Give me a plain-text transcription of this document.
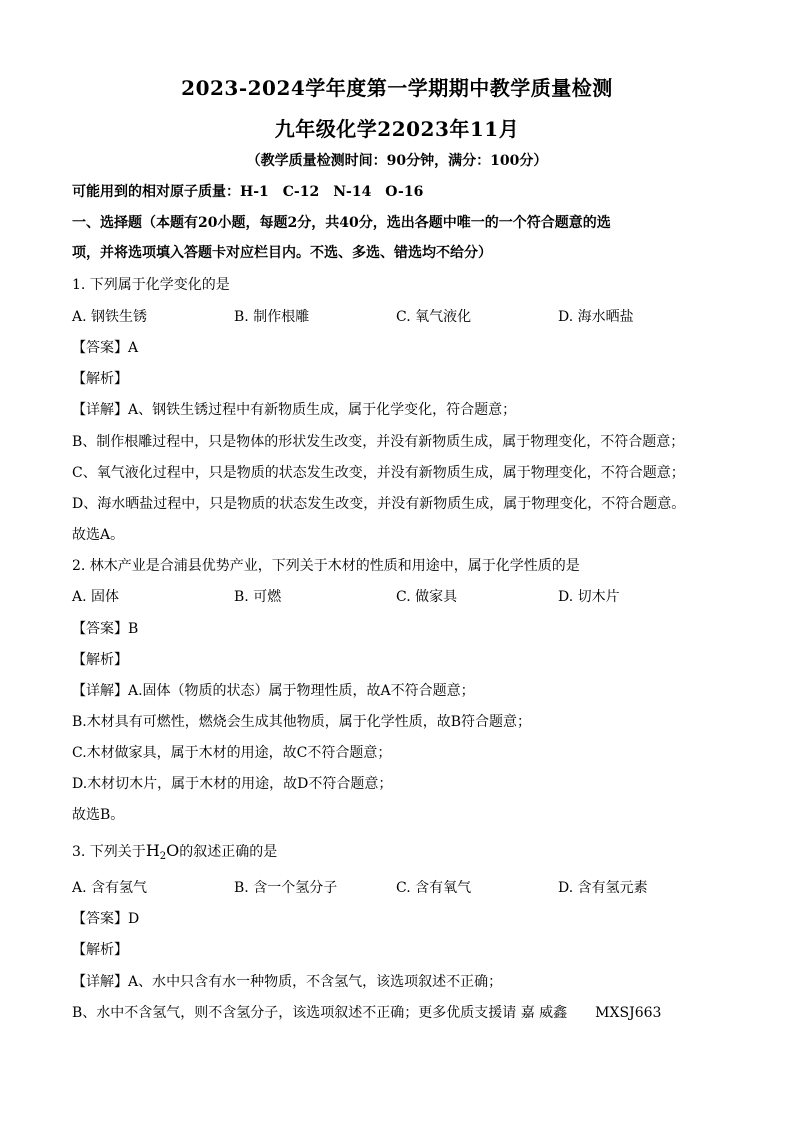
2023-2024学年度第一学期期中教学质量检测
九年级化学22023年11月
（教学质量检测时间：90分钟，满分：100分）
可能用到的相对原子质量：H-1　C-12　N-14　O-16
一、选择题（本题有20小题，每题2分，共40分，选出各题中唯一的一个符合题意的选
项，并将选项填入答题卡对应栏目内。不选、多选、错选均不给分）
1. 下列属于化学变化的是
A. 钢铁生锈	B. 制作根雕	C. 氧气液化	D. 海水晒盐
【答案】A
【解析】
【详解】A、钢铁生锈过程中有新物质生成，属于化学变化，符合题意；
B、制作根雕过程中，只是物体的形状发生改变，并没有新物质生成，属于物理变化，不符合题意；
C、氧气液化过程中，只是物质的状态发生改变，并没有新物质生成，属于物理变化，不符合题意；
D、海水晒盐过程中，只是物质的状态发生改变，并没有新物质生成，属于物理变化，不符合题意。
故选A。
2. 林木产业是合浦县优势产业，下列关于木材的性质和用途中，属于化学性质的是
A. 固体	B. 可燃	C. 做家具	D. 切木片
【答案】B
【解析】
【详解】A.固体（物质的状态）属于物理性质，故A不符合题意；
B.木材具有可燃性，燃烧会生成其他物质，属于化学性质，故B符合题意；
C.木材做家具，属于木材的用途，故C不符合题意；
D.木材切木片，属于木材的用途，故D不符合题意；
故选B。
3. 下列关于$H_2O$的叙述正确的是
A. 含有氢气	B. 含一个氢分子	C. 含有氧气	D. 含有氢元素
【答案】D
【解析】
【详解】A、水中只含有水一种物质，不含氢气，该选项叙述不正确；
B、水中不含氢气，则不含氢分子，该选项叙述不正确；更多优质支援请 嘉 威鑫　　MXSJ663
